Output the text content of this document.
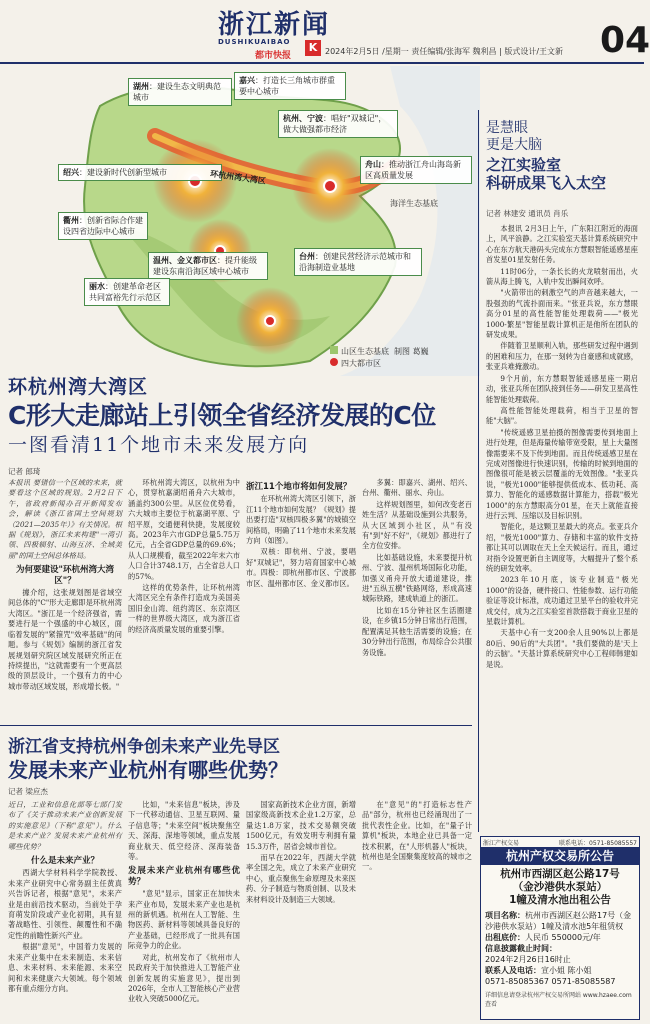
浙江新闻
DUSHIKUAIBAO
都市快报
K 2024年2月5日 /星期一 责任编辑/张海军 魏利昌 | 版式设计/王文新 04
湖州：建设生态文明典范城市
嘉兴：打造长三角城市群重要中心城市
杭州、宁波：唱好"双城记"，做大做强都市经济
绍兴：建设新时代创新型城市
舟山：推动浙江舟山海岛新区高质量发展
衢州：创新省际合作建设四省边际中心城市
温州、金义都市区：提升能级建设东南沿海区域中心城市
台州：创建民营经济示范城市和沿海制造业基地
丽水：创建革命老区共同富裕先行示范区
环杭州湾大湾区
海洋生态基底
山区生态基底
四大都市区
制图 葛巍
环杭州湾大湾区
C形大走廊站上引领全省经济发展的C位
一图看清11个地市未来发展方向
记者 郎琦

本报讯 要错信一个区域的未来，就要看这个区域的规划。2月2日下午，省政府新闻办召开新闻发布会，解读《浙江省国土空间规划（2021—2035年）》有关情况。根据《规划》，浙江未来构建"一湾引领、四极辐射、山海互济、全域美丽"的国土空间总体格局。

为何要建设"环杭州湾大湾区"？

據介绍，这张规划图是省域空间总体的"C"形大走廊即是环杭州湾大湾区。"浙江是一个经济强省，需要进行是一个强盛的中心城区，面临着发展的"紧箍咒"效率基础"的问题。参与《规划》编制的浙江省发展规划研究院区域发展研究所正在持续提出，"这就需要有一个更高层级的顶层设计，一个强有力的中心城市带动区域发展，形成增长极。"

环杭州湾大湾区，以杭州为中心，贯穿杭嘉湖绍甬舟六大城市，涵盖约300公里。从区位优势看，六大城市主要位于杭嘉湖平原、宁绍平原，交通便利快捷，发展度较高。2023年六市GDP总量5.75万亿元，占全省GDP总量的69.6%；从人口规模看，截至2022年末六市人口合计3748.1万，占全省总人口的57%。

这样的优势条件，让环杭州湾大湾区完全有条件打造成为美国美国旧金山湾、纽约湾区、东京湾区一样的世界级大湾区，成为浙江省的经济高质量发展的重要引擎。

浙江11个地市将如何发展？

在环杭州湾大湾区引领下，浙江11个地市如何发展？《规划》提出要打造"双核四极多翼"的城镇空间格局，明确了11个地市未来发展方向（如图）。

双核：即杭州、宁波，要唱好"双城记"，努力培育国家中心城市。四极：即杭州都市区、宁波都市区、温州都市区、金义都市区。

多翼：即嘉兴、湖州、绍兴、台州、衢州、丽水、舟山。

这样规划图里，如何改变老百姓生活？从基础设施到公共服务，从大区域到小社区，从"有没有"到"好不好"，《规划》都进行了全方位安排。

比如基础设施，未来要提升杭州、宁波、温州机场国际化功能，加强义甬舟开放大通道建设，推进"五纵五横"铁路网络，形成高速城际铁路，建成轨道上的浙江。

比如在15分钟社区生活圈建设，在乡镇15分钟日常出行范围，配置满足其他生活需要的设施；在30分钟出行范围，布局综合公共服务设施。

浙江省支持杭州争创未来产业先导区
发展未来产业杭州有哪些优势？
记者 梁应杰

近日，工业和信息化部等七部门发布了《关于推动未来产业创新发展的实施意见》（下称"意见"）。什么是未来产业？发展未来产业杭州有哪些优势？

什么是未来产业？

西湖大学材料科学学院教授、未来产业研究中心常务副主任黄真兴告诉记者，根据"意见"，未来产业是由前沿技术驱动，当前处于孕育萌发阶段或产业化初期，具有显著战略性、引领性、颠覆性和不确定性的前瞻性新兴产业。

根据"意见"，中国着力发展的未来产业集中在未来制造、未来信息、未来材料、未来能源、未来空间和未来健康六大领域。每个领域都有重点细分方向。

比如，"未来信息"板块，涉及下一代移动通信、卫星互联网、量子信息等；"未来空间"板块聚焦空天、深海、深地等领域，重点发展商业航天、低空经济、深海装备等。

发展未来产业杭州有哪些优势？

"意见"显示，国家正在加快未来产业布局，发展未来产业也是杭州的新机遇。杭州在人工智能、生物医药、新材料等领域具备良好的产业基础，已经形成了一批具有国际竞争力的企业。

对此，杭州发布了《杭州市人民政府关于加快推进人工智能产业创新发展的实施意见》，提出到2026年，全市人工智能核心产业营业收入突破5000亿元。

国家高新技术企业方面，新增国家级高新技术企业1.2万家，总量达1.8万家，技术交易额突破1500亿元，有效发明专利拥有量15.3万件，居省会城市首位。

而早在2022年，西湖大学就率全国之先，成立了未来产业研究中心，重点聚焦生命原理及未来医药、分子制造与物质创制、以及未来材料设计及制造三大领域。

在"意见"的"打造标志性产品"部分，杭州也已经涌现出了一批代表性企业。比如，在"量子计算机"板块，本地企业已具备一定技术积累，在"人形机器人"板块，杭州也是全国聚集度较高的城市之一。

是慧眼
更是大脑
之江实验室
科研成果飞入太空
记者 林建安 通讯员 肖乐

本报讯 2月3日上午，广东阳江附近的海面上，风平浪静。之江实验室天基计算系统研究中心在东方航天港码头完成东方慧眼智能遥感星座首发星01星发射任务。

11时06分，一条长长的火龙喷射而出，火箭从海上腾飞，入轨中发出瞬间欢呼。

"火箭带出的刺激空气的声音越来越大，一股强劲的气流扑面而来。"张亚兵说，东方慧眼高分01星的高性能智能处理载荷——"极光1000-繁星"智能星载计算机正是他所在团队的研发成果。

伴随着卫星顺利入轨，那些研发过程中遇到的困难和压力，在那一刻转为自豪感和成就感，张亚兵难掩激动。

9个月前，东方慧眼智能遥感星座一期启动，张亚兵所在团队接到任务——研发卫星高性能智能处理载荷。

高性能智能处理载荷，相当于卫星的智能"大脑"。

"传统遥感卫星拍摄的图像需要传到地面上进行处理，但是海量传输带宽受限，星上大量图像需要来不及下传到地面。而且传统遥感卫星在完成对图像进行快速识别，传输的时候到地面的图像很可能是被云层覆盖的无效图像。"张亚兵说，"极光1000"能够提供低成本、低功耗、高算力、智能化的遥感数据计算能力，搭载"极光1000"的东方慧眼高分01星，在天上就能直接进行云判、压缩以及目标识别。

智能化，是这颗卫星最大的亮点。张亚兵介绍，"极光1000"算力、存储和丰富的软件支持都让其可以调取在天上全天候运行。而且，通过对指令设置更新自主调度等，大幅提升了整个系统的研发效率。

2023年10月底，该专业制造"极光1000"的设备，硬件接口、性能参数、运行功能验证等设计标准，成功通过卫星平台的验收并完成交付，成为之江实验室首款搭载于商业卫星的星载计算机。

天基中心有一支200余人且90%以上都是80后、90后的"大兵团"。"我们要做的是'天上的云脑'。"天基计算系统研究中心工程师韩建如是说。

浙江产权交易	联系电话：0571-85085557
杭州产权交易所公告
杭州市西湖区赵公路17号
（金沙港供水泵站）
1幢及清水池出租公告
项目名称：杭州市西湖区赵公路17号（金沙港供水泵站）1幢及清水池5年租赁权
出租底价：人民币 550000元/年
信息披露截止时间：
2024年2月26日16时止
联系人及电话：宣小姐 陈小姐
0571-85085367 0571-85085587
详细信息请登录杭州产权交易所网站 www.hzaee.com 查看
